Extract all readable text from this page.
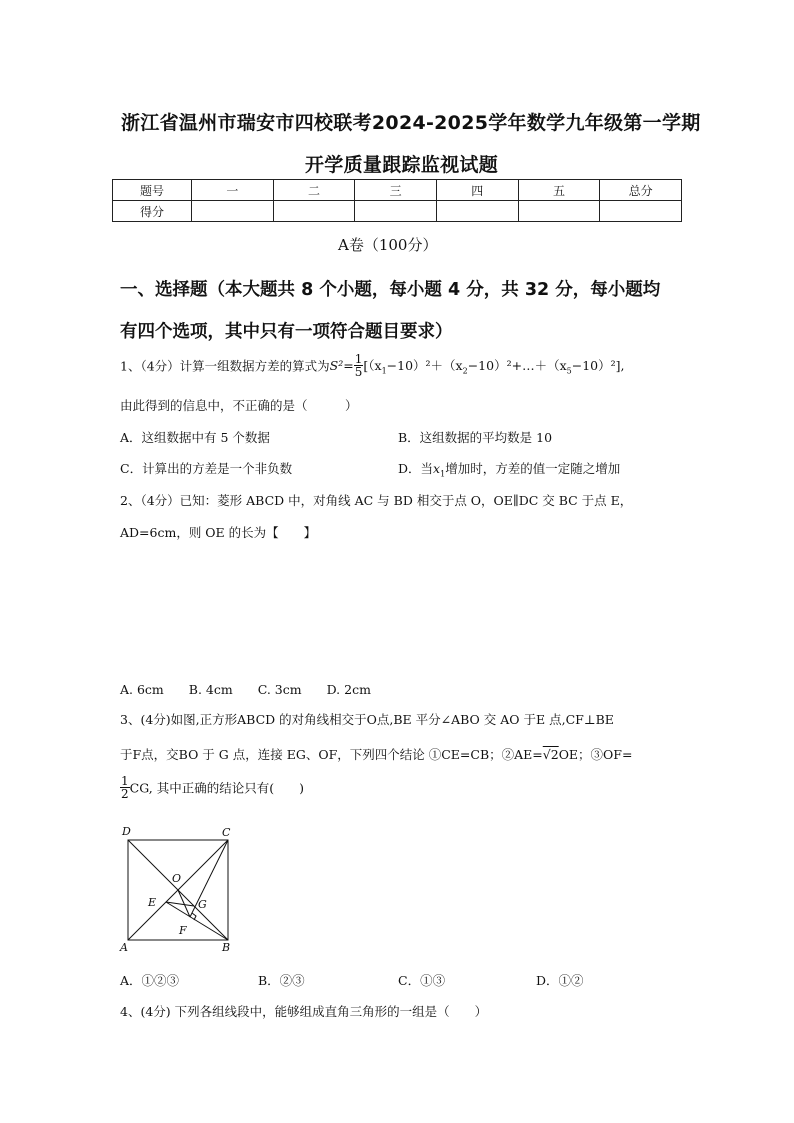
浙江省温州市瑞安市四校联考2024-2025学年数学九年级第一学期
开学质量跟踪监视试题
题号	一	二	三	四	五	总分
得分						
A卷（100分）
一、选择题（本大题共 8 个小题，每小题 4 分，共 32 分，每小题均
有四个选项，其中只有一项符合题目要求）
1、（4分）计算一组数据方差的算式为$S^2= \frac{1}{5}$ $[(x_1-10)^2+(x_2-10)^2+\dots+(x_5-10)^2]$,
由此得到的信息中，不正确的是（　　　）
A．这组数据中有 5 个数据	B．这组数据的平均数是 10
C．计算出的方差是一个非负数	D．当$x_1$增加时，方差的值一定随之增加
2、（4分）已知：菱形 ABCD 中，对角线 AC 与 BD 相交于点 O，OE∥DC 交 BC 于点 E，
AD=6cm，则 OE 的长为【　　】
A. 6cm　　B. 4cm　　C. 3cm　　D. 2cm
3、(4分)如图,正方形ABCD 的对角线相交于O点,BE 平分∠ABO 交 AO 于E 点,CF⊥BE
于F点，交BO 于 G 点，连接 EG、OF，下列四个结论 ①CE=CB；②AE=√2OE；③OF=
$\frac{1}{2}$ CG, 其中正确的结论只有(　　)
D	C
A	B
O
E	G
F
A．①②③	B．②③	C．①③	D．①②
4、(4分) 下列各组线段中，能够组成直角三角形的一组是（　　）
